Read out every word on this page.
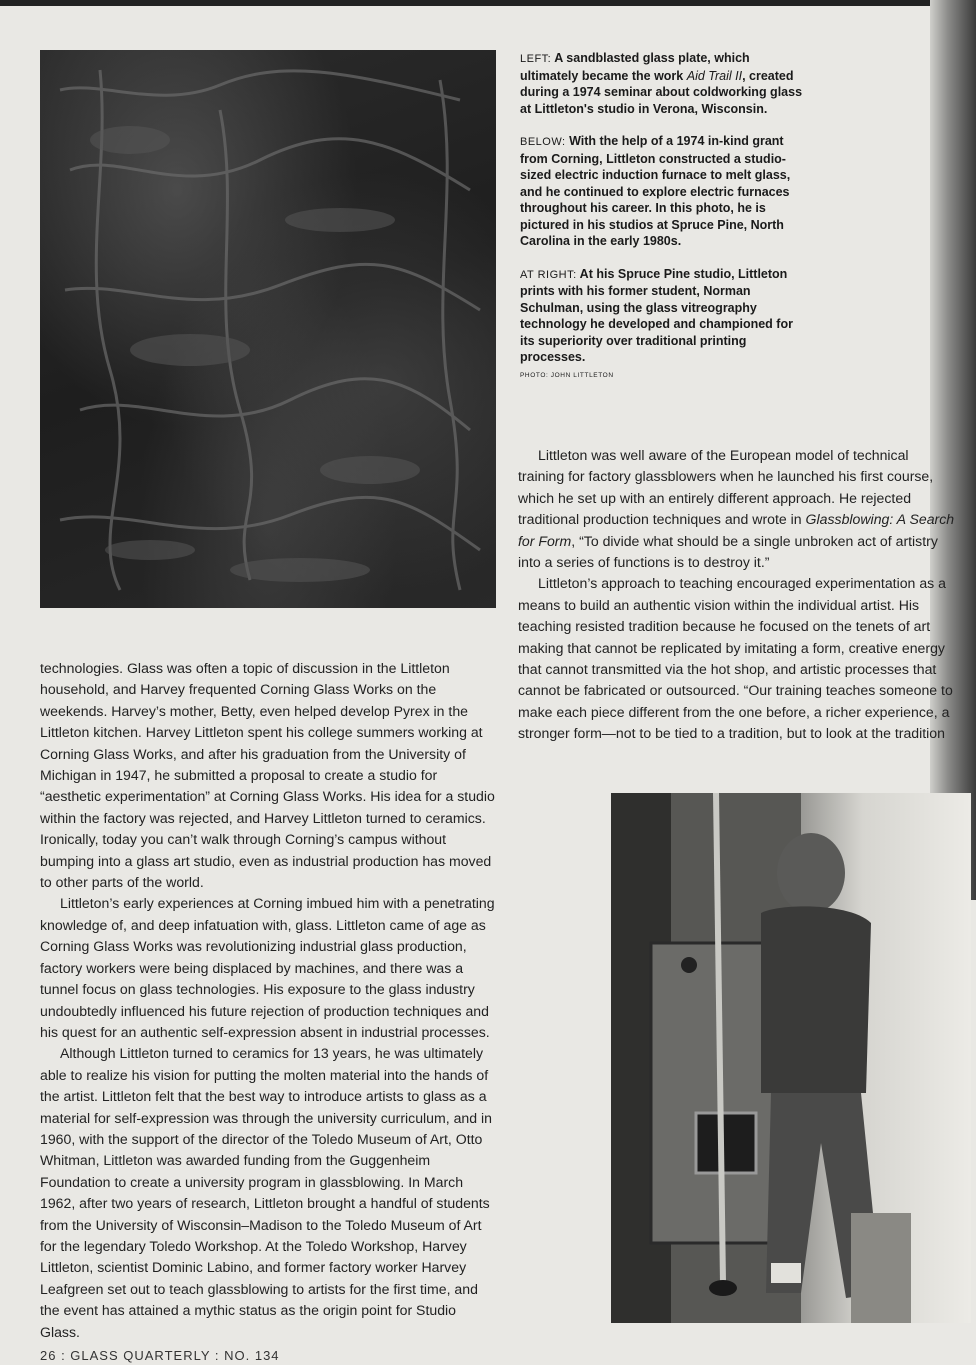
LEFT: A sandblasted glass plate, which ultimately became the work Aid Trail II, created during a 1974 seminar about coldworking glass at Littleton's studio in Verona, Wisconsin.

BELOW: With the help of a 1974 in-kind grant from Corning, Littleton constructed a studio-sized electric induction furnace to melt glass, and he continued to explore electric furnaces throughout his career. In this photo, he is pictured in his studios at Spruce Pine, North Carolina in the early 1980s.

AT RIGHT: At his Spruce Pine studio, Littleton prints with his former student, Norman Schulman, using the glass vitreography technology he developed and championed for its superiority over traditional printing processes.

PHOTO: JOHN LITTLETON

Littleton was well aware of the European model of technical training for factory glassblowers when he launched his first course, which he set up with an entirely different approach. He rejected traditional production techniques and wrote in Glassblowing: A Search for Form, “To divide what should be a single unbroken act of artistry into a series of functions is to destroy it.”

Littleton’s approach to teaching encouraged experimentation as a means to build an authentic vision within the individual artist. His teaching resisted tradition because he focused on the tenets of art making that cannot be replicated by imitating a form, creative energy that cannot transmitted via the hot shop, and artistic processes that cannot be fabricated or outsourced. “Our training teaches someone to make each piece different from the one before, a richer experience, a stronger form—not to be tied to a tradition, but to look at the tradition

technologies. Glass was often a topic of discussion in the Littleton household, and Harvey frequented Corning Glass Works on the weekends. Harvey’s mother, Betty, even helped develop Pyrex in the Littleton kitchen. Harvey Littleton spent his college summers working at Corning Glass Works, and after his graduation from the University of Michigan in 1947, he submitted a proposal to create a studio for “aesthetic experimentation” at Corning Glass Works. His idea for a studio within the factory was rejected, and Harvey Littleton turned to ceramics. Ironically, today you can’t walk through Corning’s campus without bumping into a glass art studio, even as industrial production has moved to other parts of the world.

Littleton’s early experiences at Corning imbued him with a penetrating knowledge of, and deep infatuation with, glass. Littleton came of age as Corning Glass Works was revolutionizing industrial glass production, factory workers were being displaced by machines, and there was a tunnel focus on glass technologies. His exposure to the glass industry undoubtedly influenced his future rejection of production techniques and his quest for an authentic self-expression absent in industrial processes.

Although Littleton turned to ceramics for 13 years, he was ultimately able to realize his vision for putting the molten material into the hands of the artist. Littleton felt that the best way to introduce artists to glass as a material for self-expression was through the university curriculum, and in 1960, with the support of the director of the Toledo Museum of Art, Otto Whitman, Littleton was awarded funding from the Guggenheim Foundation to create a university program in glassblowing. In March 1962, after two years of research, Littleton brought a handful of students from the University of Wisconsin–Madison to the Toledo Museum of Art for the legendary Toledo Workshop. At the Toledo Workshop, Harvey Littleton, scientist Dominic Labino, and former factory worker Harvey Leafgreen set out to teach glassblowing to artists for the first time, and the event has attained a mythic status as the origin point for Studio Glass.

26 : GLASS QUARTERLY : NO. 134
